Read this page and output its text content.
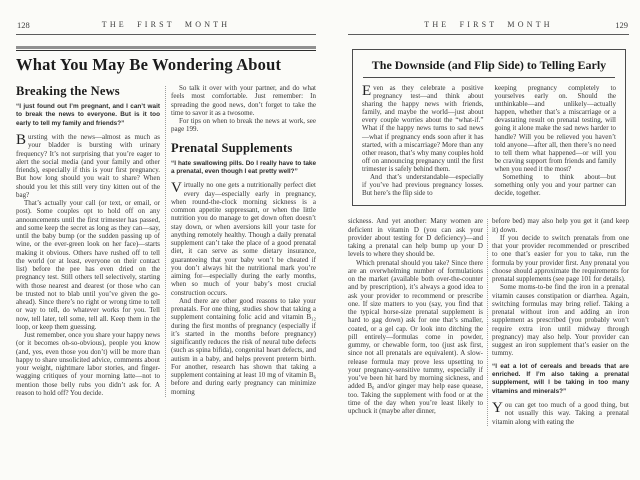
128	THE FIRST MONTH
What You May Be Wondering About
Breaking the News

“I just found out I’m pregnant, and I can’t wait to break the news to everyone. But is it too early to tell my family and friends?”

Bursting with the news—almost as much as your bladder is bursting with urinary frequency? It’s not surprising that you’re eager to alert the social media (and your family and other friends), especially if this is your first pregnancy. But how long should you wait to share? When should you let this still very tiny kitten out of the bag?

That’s actually your call (or text, or email, or post). Some couples opt to hold off on any announcements until the first trimester has passed, and some keep the secret as long as they can—say, until the baby bump (or the sudden passing up of wine, or the ever-green look on her face)—starts making it obvious. Others have rushed off to tell the world (or at least, everyone on their contact list) before the pee has even dried on the pregnancy test. Still others tell selectively, starting with those nearest and dearest (or those who can be trusted not to blab until you’ve given the go-ahead). Since there’s no right or wrong time to tell or way to tell, do whatever works for you. Tell now, tell later, tell some, tell all. Keep them in the loop, or keep them guessing.

Just remember, once you share your happy news (or it becomes oh-so-obvious), people you know (and, yes, even those you don’t) will be more than happy to share unsolicited advice, comments about your weight, nightmare labor stories, and finger-wagging critiques of your morning latte—not to mention those belly rubs you didn’t ask for. A reason to hold off? You decide.

So talk it over with your partner, and do what feels most comfortable. Just remember: In spreading the good news, don’t forget to take the time to savor it as a twosome.

For tips on when to break the news at work, see page 199.

Prenatal Supplements

“I hate swallowing pills. Do I really have to take a prenatal, even though I eat pretty well?”

Virtually no one gets a nutritionally perfect diet every day—especially early in pregnancy, when round-the-clock morning sickness is a common appetite suppressant, or when the little nutrition you do manage to get down often doesn’t stay down, or when aversions kill your taste for anything remotely healthy. Though a daily prenatal supplement can’t take the place of a good prenatal diet, it can serve as some dietary insurance, guaranteeing that your baby won’t be cheated if you don’t always hit the nutritional mark you’re aiming for—especially during the early months, when so much of your baby’s most crucial construction occurs.

And there are other good reasons to take your prenatals. For one thing, studies show that taking a supplement containing folic acid and vitamin B₁₂ during the first months of pregnancy (especially if it’s started in the months before pregnancy) significantly reduces the risk of neural tube defects (such as spina bifida), congenital heart defects, and autism in a baby, and helps prevent preterm birth. For another, research has shown that taking a supplement containing at least 10 mg of vitamin B₆ before and during early pregnancy can minimize morning

THE FIRST MONTH	129
The Downside (and Flip Side) to Telling Early

Even as they celebrate a positive pregnancy test—and think about sharing the happy news with friends, family, and maybe the world—just about every couple worries about the “what-if.” What if the happy news turns to sad news—what if pregnancy ends soon after it has started, with a miscarriage? More than any other reason, that’s why many couples hold off on announcing pregnancy until the first trimester is safely behind them.

And that’s understandable—especially if you’ve had previous pregnancy losses. But here’s the flip side to

keeping pregnancy completely to yourselves early on. Should the unthinkable—and unlikely—actually happen, whether that’s a miscarriage or a devastating result on prenatal testing, will going it alone make the sad news harder to handle? Will you be relieved you haven’t told anyone—after all, then there’s no need to tell them what happened—or will you be craving support from friends and family when you need it the most?

Something to think about—but something only you and your partner can decide, together.

sickness. And yet another: Many women are deficient in vitamin D (you can ask your provider about testing for D deficiency)—and taking a prenatal can help bump up your D levels to where they should be.

Which prenatal should you take? Since there are an overwhelming number of formulations on the market (available both over-the-counter and by prescription), it’s always a good idea to ask your provider to recommend or prescribe one. If size matters to you (say, you find that the typical horse-size prenatal supplement is hard to gag down) ask for one that’s smaller, coated, or a gel cap. Or look into ditching the pill entirely—formulas come in powder, gummy, or chewable form, too (just ask first, since not all prenatals are equivalent). A slow-release formula may prove less upsetting to your pregnancy-sensitive tummy, especially if you’ve been hit hard by morning sickness, and added B₆ and/or ginger may help ease quease, too. Taking the supplement with food or at the time of the day when you’re least likely to upchuck it (maybe after dinner,

before bed) may also help you get it (and keep it) down.

If you decide to switch prenatals from one that your provider recommended or prescribed to one that’s easier for you to take, run the formula by your provider first. Any prenatal you choose should approximate the requirements for prenatal supplements (see page 101 for details).

Some moms-to-be find the iron in a prenatal vitamin causes constipation or diarrhea. Again, switching formulas may bring relief. Taking a prenatal without iron and adding an iron supplement as prescribed (you probably won’t require extra iron until midway through pregnancy) may also help. Your provider can suggest an iron supplement that’s easier on the tummy.

“I eat a lot of cereals and breads that are enriched. If I’m also taking a prenatal supplement, will I be taking in too many vitamins and minerals?”

You can get too much of a good thing, but not usually this way. Taking a prenatal vitamin along with eating the
